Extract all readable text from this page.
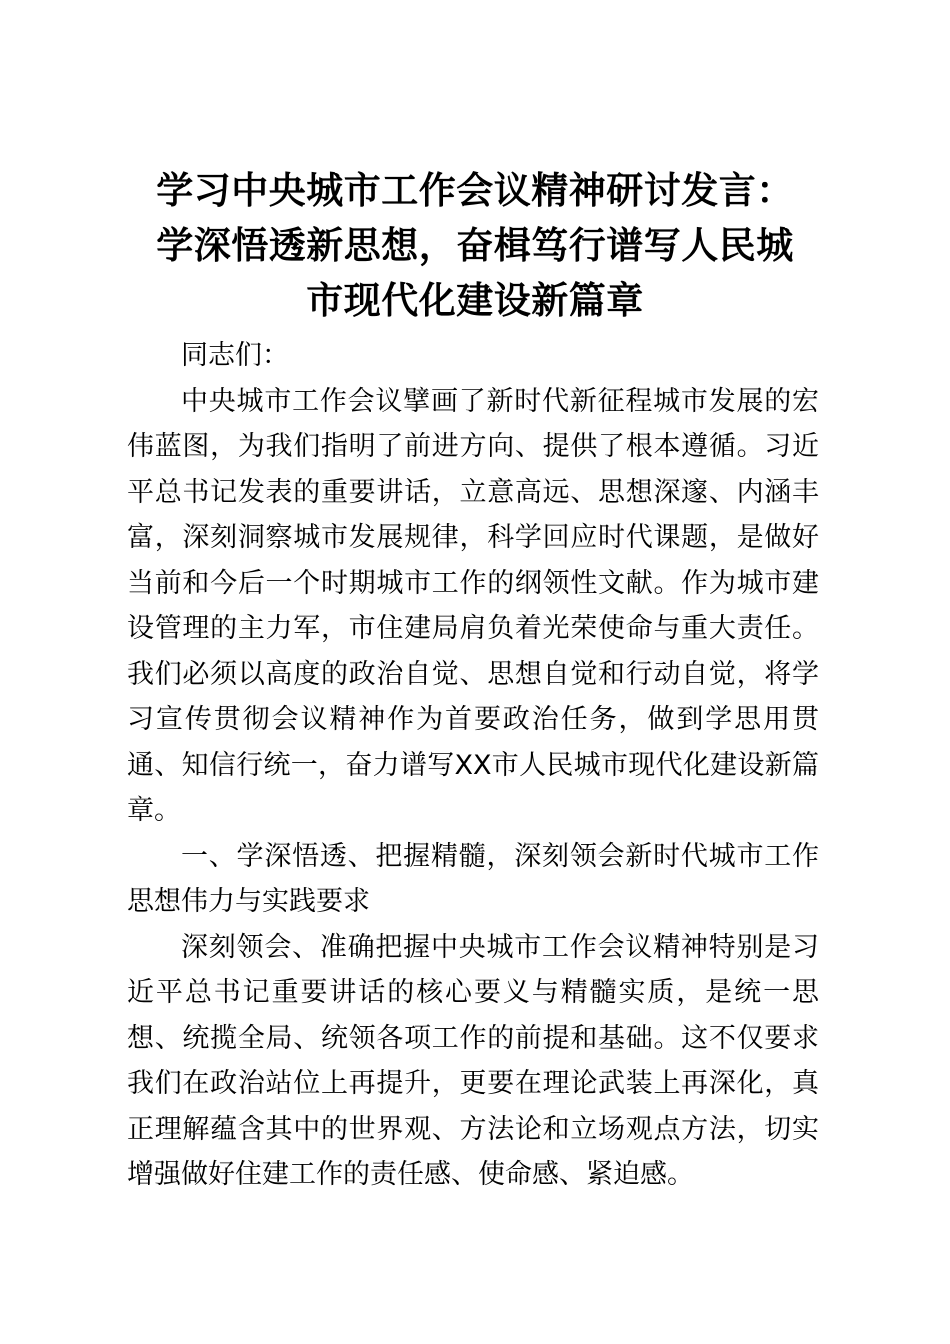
学习中央城市工作会议精神研讨发言：
学深悟透新思想，奋楫笃行谱写人民城
市现代化建设新篇章

同志们：

中央城市工作会议擘画了新时代新征程城市发展的宏伟蓝图，为我们指明了前进方向、提供了根本遵循。习近平总书记发表的重要讲话，立意高远、思想深邃、内涵丰富，深刻洞察城市发展规律，科学回应时代课题，是做好当前和今后一个时期城市工作的纲领性文献。作为城市建设管理的主力军，市住建局肩负着光荣使命与重大责任。我们必须以高度的政治自觉、思想自觉和行动自觉，将学习宣传贯彻会议精神作为首要政治任务，做到学思用贯通、知信行统一，奋力谱写XX市人民城市现代化建设新篇章。

一、学深悟透、把握精髓，深刻领会新时代城市工作思想伟力与实践要求

深刻领会、准确把握中央城市工作会议精神特别是习近平总书记重要讲话的核心要义与精髓实质，是统一思想、统揽全局、统领各项工作的前提和基础。这不仅要求我们在政治站位上再提升，更要在理论武装上再深化，真正理解蕴含其中的世界观、方法论和立场观点方法，切实增强做好住建工作的责任感、使命感、紧迫感。
